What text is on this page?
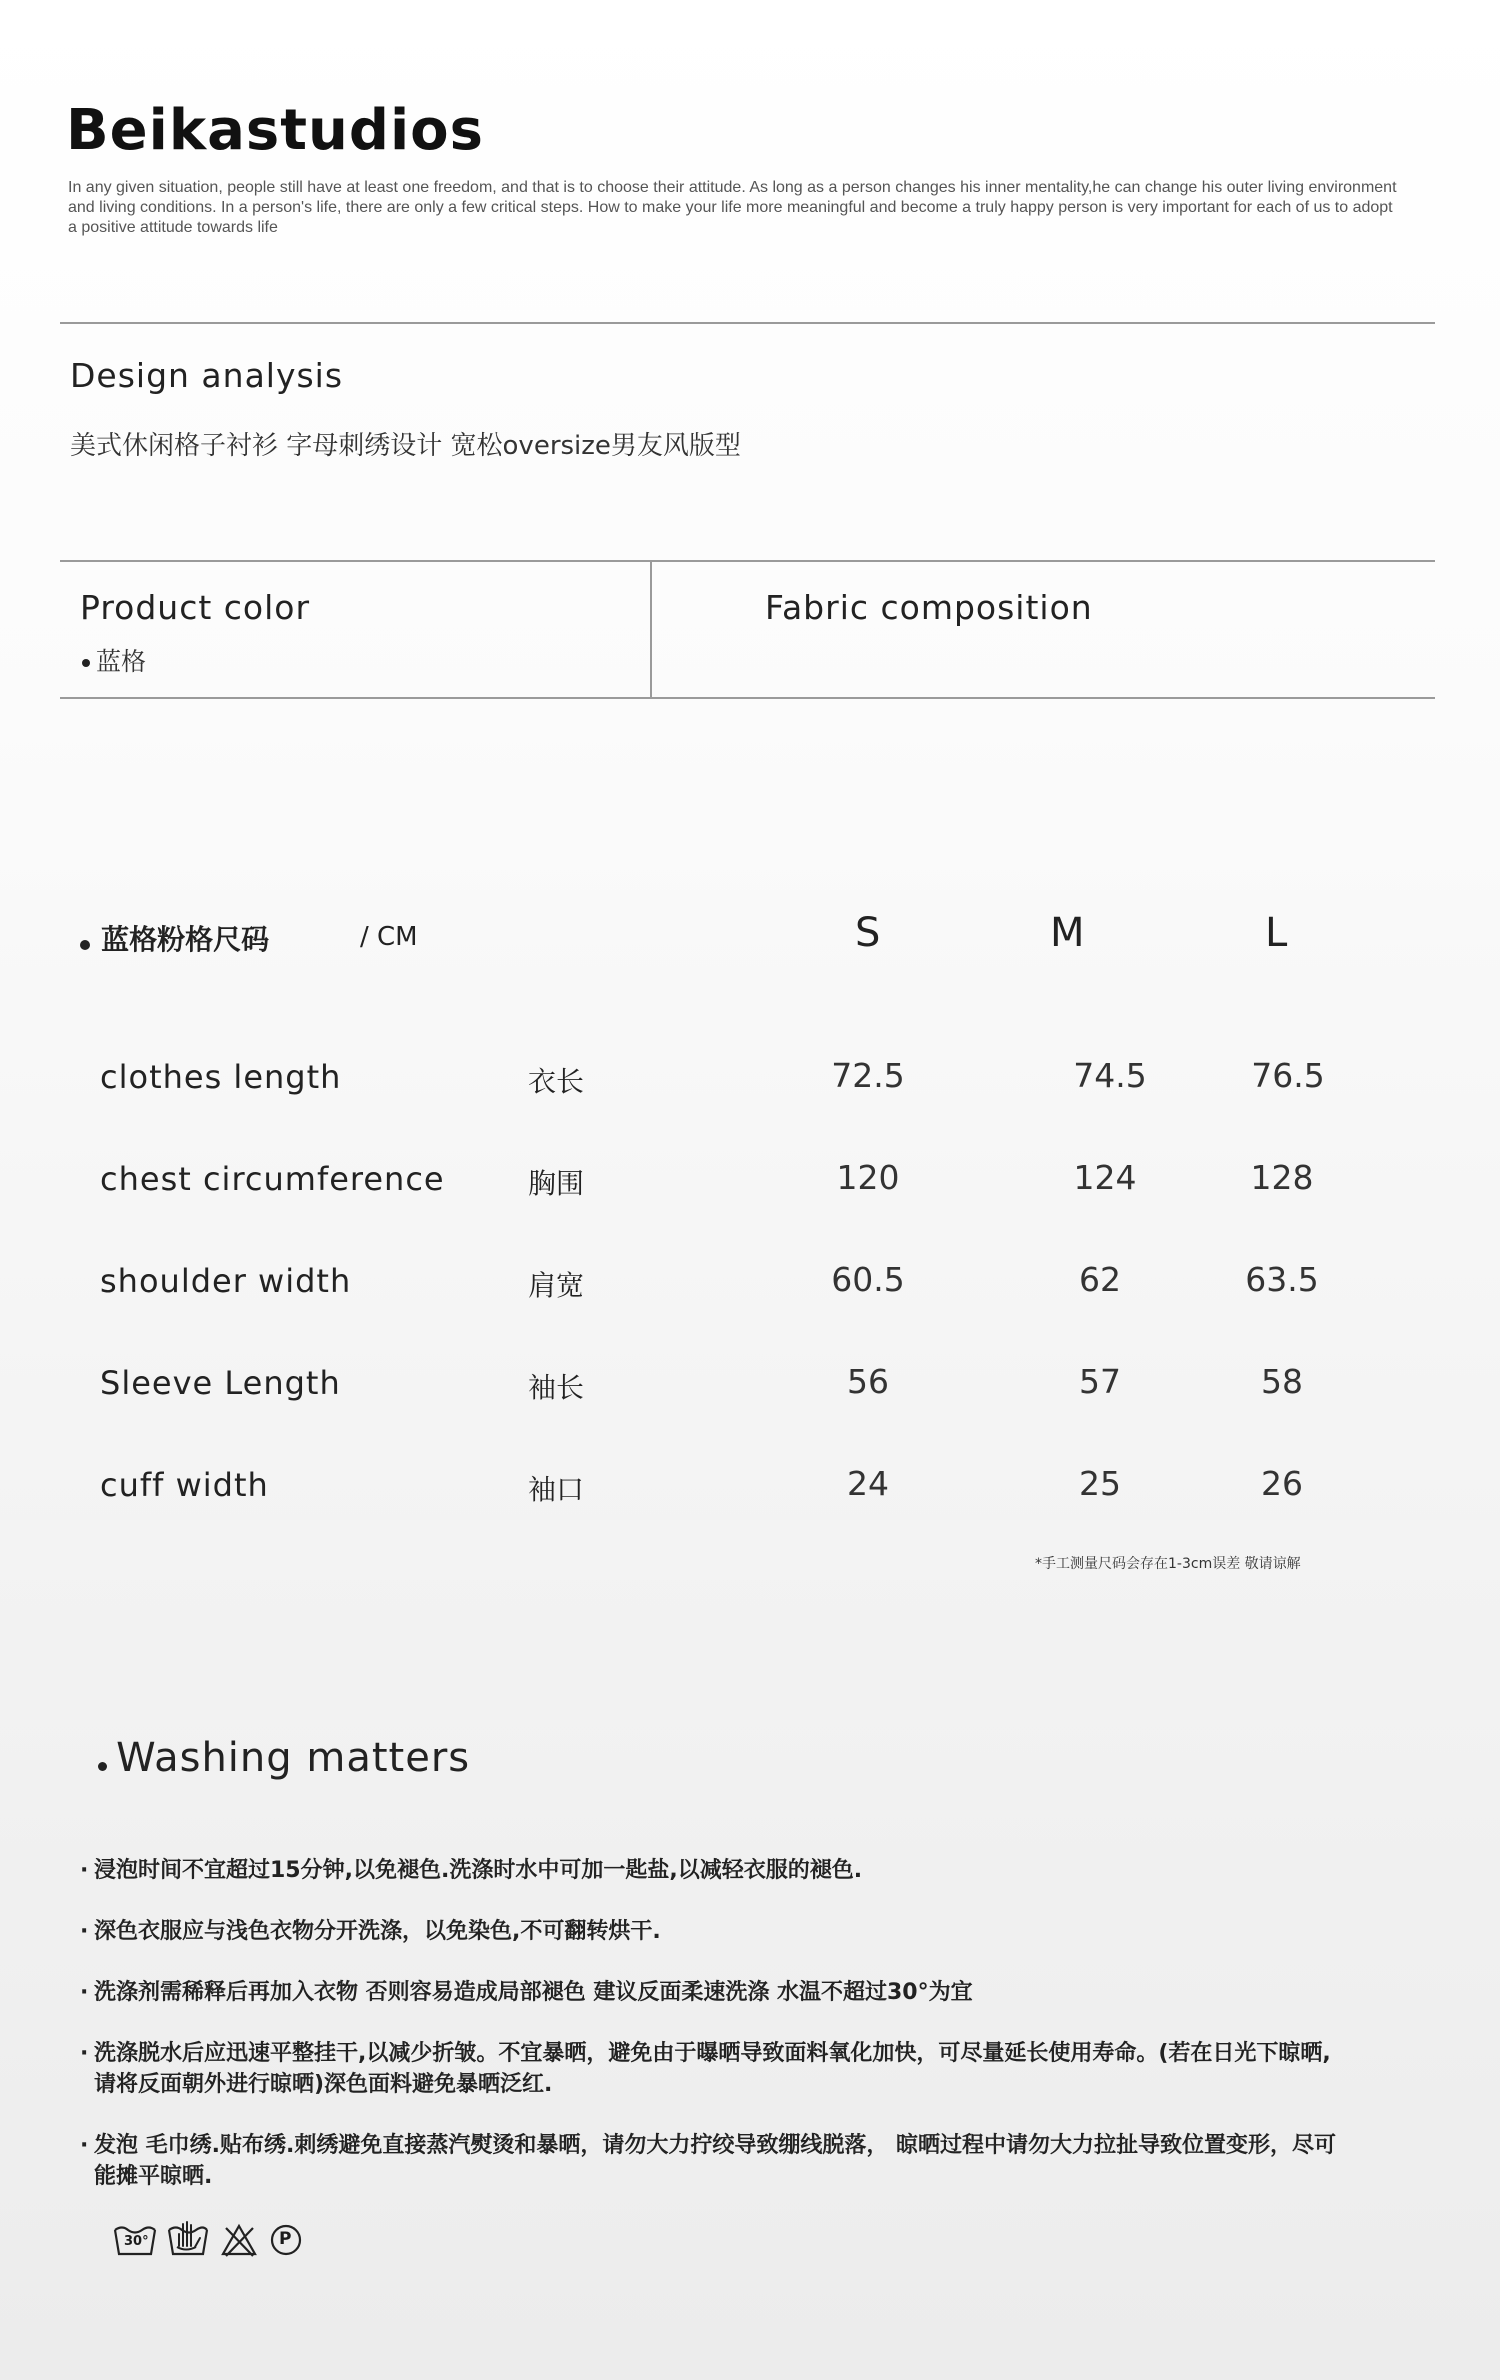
Beikastudios
In any given situation, people still have at least one freedom, and that is to choose their attitude. As long as a person changes his inner mentality,he can change his outer living environment and living conditions. In a person's life, there are only a few critical steps. How to make your life more meaningful and become a truly happy person is very important for each of us to adopt a positive attitude towards life
Design analysis
美式休闲格子衬衫 字母刺绣设计 宽松oversize男友风版型
Product color
蓝格
Fabric composition
蓝格粉格尺码	/ CM	S	M	L
clothes length	衣长	72.5	74.5	76.5
chest circumference	胸围	120	124	128
shoulder width	肩宽	60.5	62	63.5
Sleeve Length	袖长	56	57	58
cuff width	袖口	24	25	26
*手工测量尺码会存在1-3cm误差 敬请谅解
Washing matters
· 浸泡时间不宜超过15分钟,以免褪色.洗涤时水中可加一匙盐,以减轻衣服的褪色.
· 深色衣服应与浅色衣物分开洗涤，以免染色,不可翻转烘干.
· 洗涤剂需稀释后再加入衣物 否则容易造成局部褪色 建议反面柔速洗涤 水温不超过30°为宜
· 洗涤脱水后应迅速平整挂干,以减少折皱。不宜暴晒，避免由于曝晒导致面料氧化加快，可尽量延长使用寿命。(若在日光下晾晒,请将反面朝外进行晾晒)深色面料避免暴晒泛红.
· 发泡 毛巾绣.贴布绣.刺绣避免直接蒸汽熨烫和暴晒，请勿大力拧绞导致绷线脱落， 晾晒过程中请勿大力拉扯导致位置变形，尽可能摊平晾晒.
30°	P
